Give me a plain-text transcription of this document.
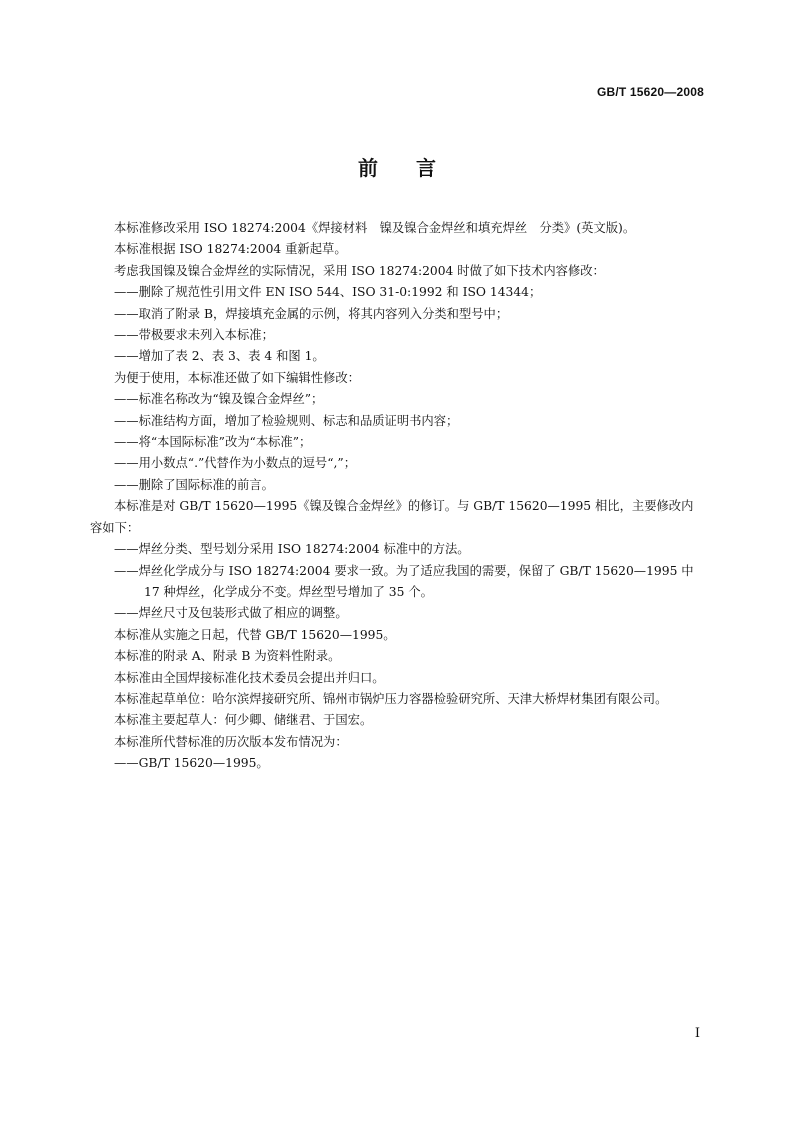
GB/T 15620—2008
前言

本标准修改采用 ISO 18274:2004《焊接材料　镍及镍合金焊丝和填充焊丝　分类》(英文版)。

本标准根据 ISO 18274:2004 重新起草。

考虑我国镍及镍合金焊丝的实际情况，采用 ISO 18274:2004 时做了如下技术内容修改：

——删除了规范性引用文件 EN ISO 544、ISO 31-0:1992 和 ISO 14344；

——取消了附录 B，焊接填充金属的示例，将其内容列入分类和型号中；

——带极要求未列入本标准；

——增加了表 2、表 3、表 4 和图 1。

为便于使用，本标准还做了如下编辑性修改：

——标准名称改为“镍及镍合金焊丝”；

——标准结构方面，增加了检验规则、标志和品质证明书内容；

——将“本国际标准”改为“本标准”；

——用小数点“.”代替作为小数点的逗号“,”；

——删除了国际标准的前言。

本标准是对 GB/T 15620—1995《镍及镍合金焊丝》的修订。与 GB/T 15620—1995 相比，主要修改内容如下：

——焊丝分类、型号划分采用 ISO 18274:2004 标准中的方法。

——焊丝化学成分与 ISO 18274:2004 要求一致。为了适应我国的需要，保留了 GB/T 15620—1995 中 17 种焊丝，化学成分不变。焊丝型号增加了 35 个。

——焊丝尺寸及包装形式做了相应的调整。

本标准从实施之日起，代替 GB/T 15620—1995。

本标准的附录 A、附录 B 为资料性附录。

本标准由全国焊接标准化技术委员会提出并归口。

本标准起草单位：哈尔滨焊接研究所、锦州市锅炉压力容器检验研究所、天津大桥焊材集团有限公司。

本标准主要起草人：何少卿、储继君、于国宏。

本标准所代替标准的历次版本发布情况为：

——GB/T 15620—1995。

I
